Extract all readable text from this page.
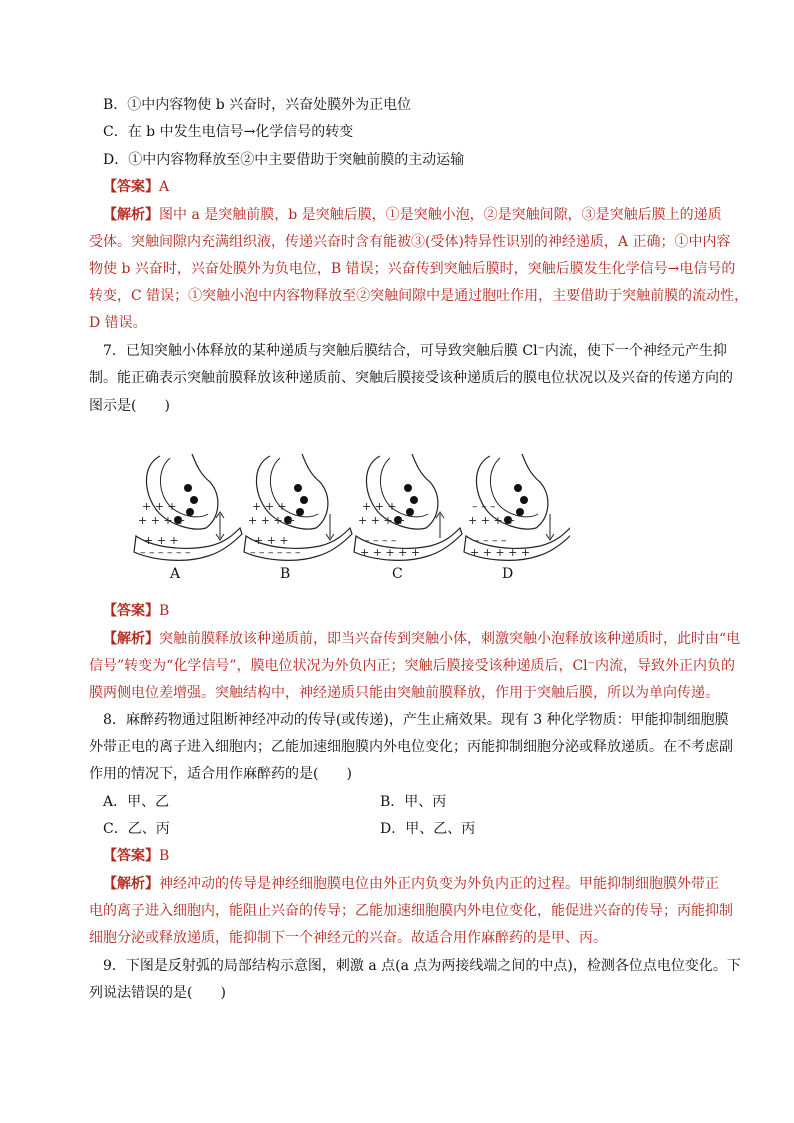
B．①中内容物使 b 兴奋时，兴奋处膜外为正电位
C．在 b 中发生电信号→化学信号的转变
D．①中内容物释放至②中主要借助于突触前膜的主动运输
【答案】A
【解析】图中 a 是突触前膜，b 是突触后膜，①是突触小泡，②是突触间隙，③是突触后膜上的递质
受体。突触间隙内充满组织液，传递兴奋时含有能被③(受体)特异性识别的神经递质，A 正确；①中内容
物使 b 兴奋时，兴奋处膜外为负电位，B 错误；兴奋传到突触后膜时，突触后膜发生化学信号→电信号的
转变，C 错误；①突触小泡中内容物释放至②突触间隙中是通过胞吐作用，主要借助于突触前膜的流动性，
D 错误。
7．已知突触小体释放的某种递质与突触后膜结合，可导致突触后膜 Cl⁻内流，使下一个神经元产生抑
制。能正确表示突触前膜释放该种递质前、突触后膜接受该种递质后的膜电位状况以及兴奋的传递方向的
图示是(　　)
+ + +
+ + + +
+ + +
– – – – – –
+ + +
+ + + +
+ + +
– – – – – –
+ + +
+ + + +
– – – –
+ + + + +
– – –
+ + + +
– – – –
+ + + + +
A	B	C	D
【答案】B
【解析】突触前膜释放该种递质前，即当兴奋传到突触小体，刺激突触小泡释放该种递质时，此时由“电
信号”转变为“化学信号”，膜电位状况为外负内正；突触后膜接受该种递质后，Cl⁻内流，导致外正内负的
膜两侧电位差增强。突触结构中，神经递质只能由突触前膜释放，作用于突触后膜，所以为单向传递。
8．麻醉药物通过阻断神经冲动的传导(或传递)，产生止痛效果。现有 3 种化学物质：甲能抑制细胞膜
外带正电的离子进入细胞内；乙能加速细胞膜内外电位变化；丙能抑制细胞分泌或释放递质。在不考虑副
作用的情况下，适合用作麻醉药的是(　　)
A．甲、乙	B．甲、丙
C．乙、丙	D．甲、乙、丙
【答案】B
【解析】神经冲动的传导是神经细胞膜电位由外正内负变为外负内正的过程。甲能抑制细胞膜外带正
电的离子进入细胞内，能阻止兴奋的传导；乙能加速细胞膜内外电位变化，能促进兴奋的传导；丙能抑制
细胞分泌或释放递质，能抑制下一个神经元的兴奋。故适合用作麻醉药的是甲、丙。
9．下图是反射弧的局部结构示意图，刺激 a 点(a 点为两接线端之间的中点)，检测各位点电位变化。下
列说法错误的是(　　)
